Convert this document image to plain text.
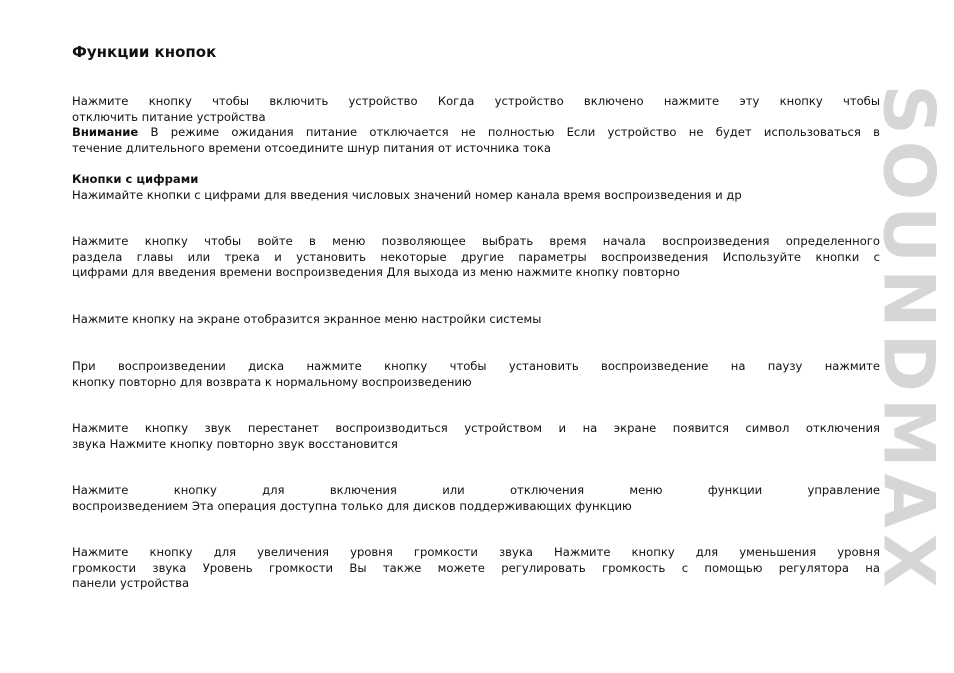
Функции кнопок
SOUNDMAX
Нажмите кнопку чтобы включить устройство Когда устройство включено нажмите эту кнопку чтобы
отключить питание устройства
Внимание В режиме ожидания питание отключается не полностью Если устройство не будет использоваться в
течение длительного времени отсоедините шнур питания от источника тока
Кнопки с цифрами
Нажимайте кнопки с цифрами для введения числовых значений номер канала время воспроизведения и др
Нажмите кнопку чтобы войте в меню позволяющее выбрать время начала воспроизведения определенного
раздела главы или трека и установить некоторые другие параметры воспроизведения Используйте кнопки с
цифрами для введения времени воспроизведения Для выхода из меню нажмите кнопку повторно
Нажмите кнопку на экране отобразится экранное меню настройки системы
При воспроизведении диска нажмите кнопку чтобы установить воспроизведение на паузу нажмите
кнопку повторно для возврата к нормальному воспроизведению
Нажмите кнопку звук перестанет воспроизводиться устройством и на экране появится символ отключения
звука Нажмите кнопку повторно звук восстановится
Нажмите кнопку для включения или отключения меню функции управление
воспроизведением Эта операция доступна только для дисков поддерживающих функцию
Нажмите кнопку для увеличения уровня громкости звука Нажмите кнопку для уменьшения уровня
громкости звука Уровень громкости Вы также можете регулировать громкость с помощью регулятора на
панели устройства
